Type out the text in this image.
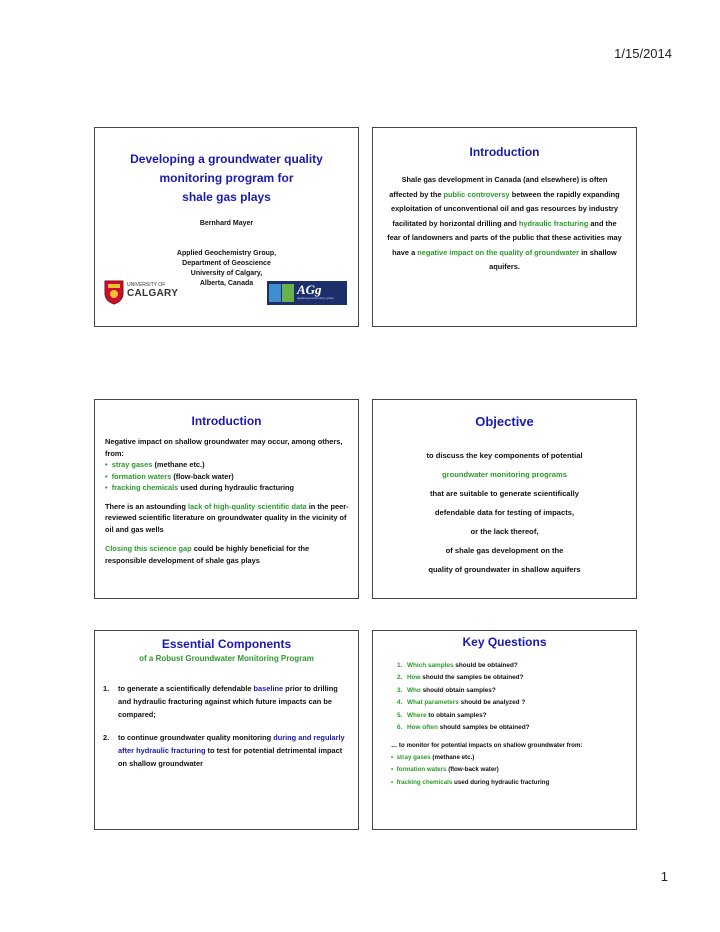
1/15/2014
Developing a groundwater quality
monitoring program for
shale gas plays
Bernhard Mayer
Applied Geochemistry Group,
Department of Geoscience
University of Calgary,
Alberta, Canada
UNIVERSITY OF
CALGARY	AGg
applied geochemistry group
Introduction

Shale gas development in Canada (and elsewhere) is often affected by the public controversy between the rapidly expanding exploitation of unconventional oil and gas resources by industry facilitated by horizontal drilling and hydraulic fracturing and the fear of landowners and parts of the public that these activities may have a negative impact on the quality of groundwater in shallow aquifers.

Introduction

Negative impact on shallow groundwater may occur, among others, from:

•  stray gases (methane etc.)
•  formation waters (flow-back water)
•  fracking chemicals used during hydraulic fracturing

There is an astounding lack of high-quality scientific data in the peer-reviewed scientific literature on groundwater quality in the vicinity of oil and gas wells

Closing this science gap could be highly beneficial for the responsible development of shale gas plays

Objective
to discuss the key components of potential
groundwater monitoring programs
that are suitable to generate scientifically
defendable data for testing of impacts,
or the lack thereof,
of shale gas development on the
quality of groundwater in shallow aquifers
Essential Components
of a Robust Groundwater Monitoring Program
1. to generate a scientifically defendable baseline prior to drilling and hydraulic fracturing against which future impacts can be compared;
2. to continue groundwater quality monitoring during and regularly after hydraulic fracturing to test for potential detrimental impact on shallow groundwater
Key Questions
1. Which samples should be obtained?
2. How should the samples be obtained?
3. Who should obtain samples?
4. What parameters should be analyzed ?
5. Where to obtain samples?
6. How often should samples be obtained?

… to monitor for potential impacts on shallow groundwater from:

•  stray gases (methane etc.)
•  formation waters (flow-back water)
•  fracking chemicals used during hydraulic fracturing
1
